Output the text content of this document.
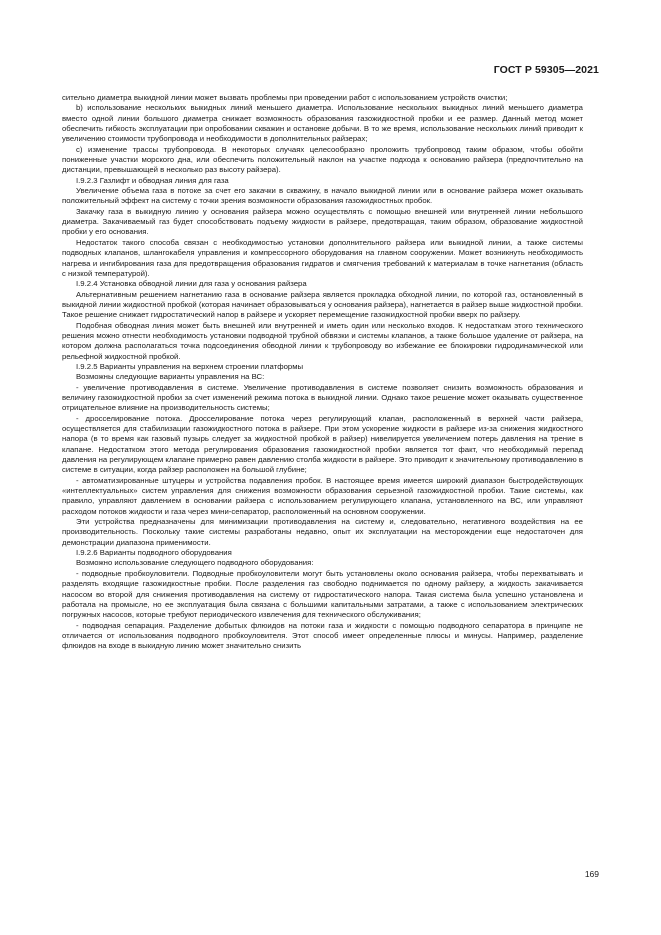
ГОСТ Р 59305—2021

сительно диаметра выкидной линии может вызвать проблемы при проведении работ с использованием устройств очистки;

b) использование нескольких выкидных линий меньшего диаметра. Использование нескольких выкидных линий меньшего диаметра вместо одной линии большого диаметра снижает возможность образования газожидкостной пробки и ее размер. Данный метод может обеспечить гибкость эксплуатации при опробовании скважин и остановке добычи. В то же время, использование нескольких линий приводит к увеличению стоимости трубопровода и необходимости в дополнительных райзерах;

c) изменение трассы трубопровода. В некоторых случаях целесообразно проложить трубопровод таким образом, чтобы обойти пониженные участки морского дна, или обеспечить положительный наклон на участке подхода к основанию райзера (предпочтительно на дистанции, превышающей в несколько раз высоту райзера).

I.9.2.3 Газлифт и обводная линия для газа

Увеличение объема газа в потоке за счет его закачки в скважину, в начало выкидной линии или в основание райзера может оказывать положительный эффект на систему с точки зрения возможности образования газожидкостных пробок.

Закачку газа в выкидную линию у основания райзера можно осуществлять с помощью внешней или внутренней линии небольшого диаметра. Закачиваемый газ будет способствовать подъему жидкости в райзере, предотвращая, таким образом, образование жидкостной пробки у его основания.

Недостаток такого способа связан с необходимостью установки дополнительного райзера или выкидной линии, а также системы подводных клапанов, шлангокабеля управления и компрессорного оборудования на главном сооружении. Может возникнуть необходимость нагрева и ингибирования газа для предотвращения образования гидратов и смягчения требований к материалам в точке нагнетания (область с низкой температурой).

I.9.2.4 Установка обводной линии для газа у основания райзера

Альтернативным решением нагнетанию газа в основание райзера является прокладка обходной линии, по которой газ, остановленный в выкидной линии жидкостной пробкой (которая начинает образовываться у основания райзера), нагнетается в райзер выше жидкостной пробки. Такое решение снижает гидростатический напор в райзере и ускоряет перемещение газожидкостной пробки вверх по райзеру.

Подобная обводная линия может быть внешней или внутренней и иметь один или несколько входов. К недостаткам этого технического решения можно отнести необходимость установки подводной трубной обвязки и системы клапанов, а также большое удаление от райзера, на котором должна располагаться точка подсоединения обводной линии к трубопроводу во избежание ее блокировки гидродинамической или рельефной жидкостной пробкой.

I.9.2.5 Варианты управления на верхнем строении платформы

Возможны следующие варианты управления на ВС:

- увеличение противодавления в системе. Увеличение противодавления в системе позволяет снизить возможность образования и величину газожидкостной пробки за счет изменений режима потока в выкидной линии. Однако такое решение может оказывать существенное отрицательное влияние на производительность системы;

- дросселирование потока. Дросселирование потока через регулирующий клапан, расположенный в верхней части райзера, осуществляется для стабилизации газожидкостного потока в райзере. При этом ускорение жидкости в райзере из-за снижения жидкостного напора (в то время как газовый пузырь следует за жидкостной пробкой в райзер) нивелируется увеличением потерь давления на трение в клапане. Недостатком этого метода регулирования образования газожидкостной пробки является тот факт, что необходимый перепад давления на регулирующем клапане примерно равен давлению столба жидкости в райзере. Это приводит к значительному противодавлению в системе в ситуации, когда райзер расположен на большой глубине;

- автоматизированные штуцеры и устройства подавления пробок. В настоящее время имеется широкий диапазон быстродействующих «интеллектуальных» систем управления для снижения возможности образования серьезной газожидкостной пробки. Такие системы, как правило, управляют давлением в основании райзера с использованием регулирующего клапана, установленного на ВС, или управляют расходом потоков жидкости и газа через мини-сепаратор, расположенный на основном сооружении.

Эти устройства предназначены для минимизации противодавления на систему и, следовательно, негативного воздействия на ее производительность. Поскольку такие системы разработаны недавно, опыт их эксплуатации на месторождении еще недостаточен для демонстрации диапазона применимости.

I.9.2.6 Варианты подводного оборудования

Возможно использование следующего подводного оборудования:

- подводные пробкоуловители. Подводные пробкоуловители могут быть установлены около основания райзера, чтобы перехватывать и разделять входящие газожидкостные пробки. После разделения газ свободно поднимается по одному райзеру, а жидкость закачивается насосом во второй для снижения противодавления на систему от гидростатического напора. Такая система была успешно установлена и работала на промысле, но ее эксплуатация была связана с большими капитальными затратами, а также с использованием электрических погружных насосов, которые требуют периодического извлечения для технического обслуживания;

- подводная сепарация. Разделение добытых флюидов на потоки газа и жидкости с помощью подводного сепаратора в принципе не отличается от использования подводного пробкоуловителя. Этот способ имеет определенные плюсы и минусы. Например, разделение флюидов на входе в выкидную линию может значительно снизить

169
